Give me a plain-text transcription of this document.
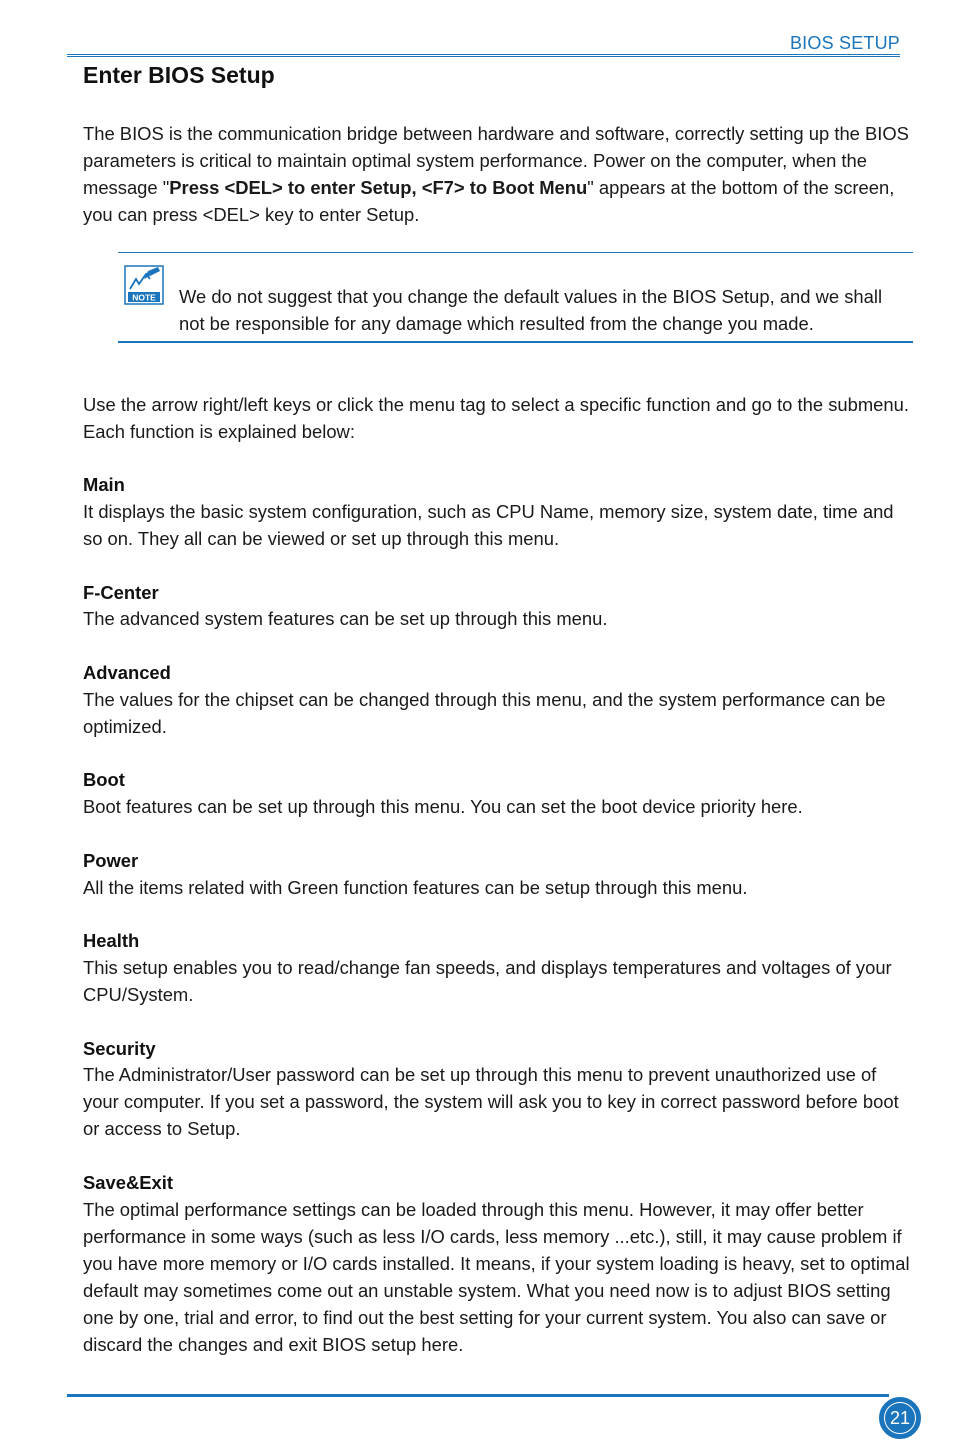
BIOS SETUP
Enter BIOS Setup

The BIOS is the communication bridge between hardware and software, correctly setting up the BIOS parameters is critical to maintain optimal system performance. Power on the computer, when the message "Press <DEL> to enter Setup, <F7> to Boot Menu" appears at the bottom of the screen, you can press <DEL> key to enter Setup.

NOTE We do not suggest that you change the default values in the BIOS Setup, and we shall not be responsible for any damage which resulted from the change you made.

Use the arrow right/left keys or click the menu tag to select a specific function and go to the submenu. Each function is explained below:

Main

It displays the basic system configuration, such as CPU Name, memory size, system date, time and so on. They all can be viewed or set up through this menu.

F-Center

The advanced system features can be set up through this menu.

Advanced

The values for the chipset can be changed through this menu, and the system performance can be optimized.

Boot

Boot features can be set up through this menu. You can set the boot device priority here.

Power

All the items related with Green function features can be setup through this menu.

Health

This setup enables you to read/change fan speeds, and displays temperatures and voltages of your CPU/System.

Security

The Administrator/User password can be set up through this menu to prevent unauthorized use of your computer. If you set a password, the system will ask you to key in correct password before boot or access to Setup.

Save&Exit

The optimal performance settings can be loaded through this menu. However, it may offer better performance in some ways (such as less I/O cards, less memory ...etc.), still, it may cause problem if you have more memory or I/O cards installed. It means, if your system loading is heavy, set to optimal default may sometimes come out an unstable system. What you need now is to adjust BIOS setting one by one, trial and error, to find out the best setting for your current system. You also can save or discard the changes and exit BIOS setup here.

21
